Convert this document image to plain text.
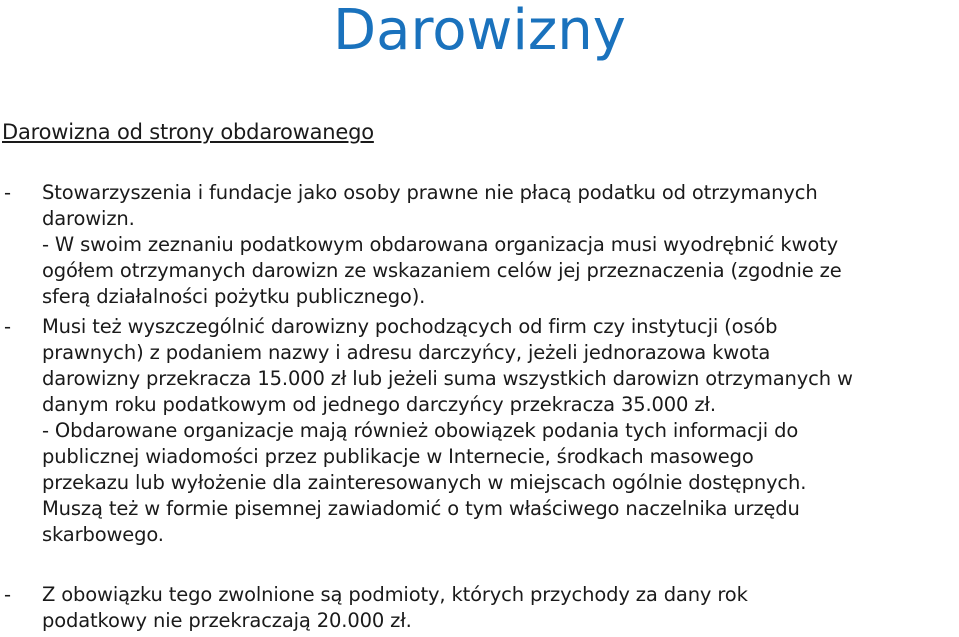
Darowizny
Darowizna od strony obdarowanego
-	Stowarzyszenia i fundacje jako osoby prawne nie płacą podatku od otrzymanych
darowizn.
- W swoim zeznaniu podatkowym obdarowana organizacja musi wyodrębnić kwoty
ogółem otrzymanych darowizn ze wskazaniem celów jej przeznaczenia (zgodnie ze
sferą działalności pożytku publicznego).
-	Musi też wyszczególnić darowizny pochodzących od firm czy instytucji (osób
prawnych) z podaniem nazwy i adresu darczyńcy, jeżeli jednorazowa kwota
darowizny przekracza 15.000 zł lub jeżeli suma wszystkich darowizn otrzymanych w
danym roku podatkowym od jednego darczyńcy przekracza 35.000 zł.
- Obdarowane organizacje mają również obowiązek podania tych informacji do
publicznej wiadomości przez publikacje w Internecie, środkach masowego
przekazu lub wyłożenie dla zainteresowanych w miejscach ogólnie dostępnych.
Muszą też w formie pisemnej zawiadomić o tym właściwego naczelnika urzędu
skarbowego.
-	Z obowiązku tego zwolnione są podmioty, których przychody za dany rok
podatkowy nie przekraczają 20.000 zł.
